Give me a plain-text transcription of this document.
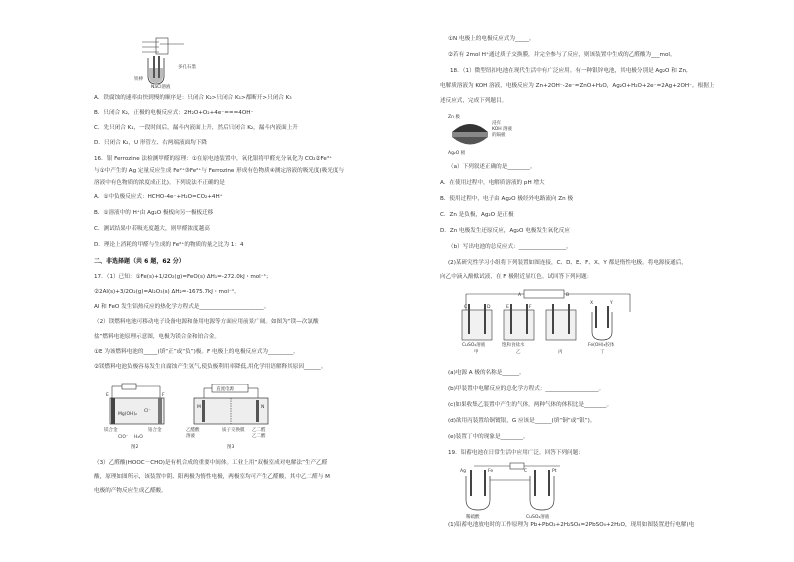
铁棒
多孔石墨
NaCl溶液
A．铁腐蚀的速率由快到慢的顺序是：只闭合 K₂>只闭合 K₁>都断开>只闭合 K₃
B．只闭合 K₂，正极的电极反应式：2H₂O+O₂+4e⁻===4OH⁻
C．先只闭合 K₁，一段时间后，漏斗内液面上升，然后只闭合 K₂，漏斗内液面上升
D．只闭合 K₂，U 形管左、右两端液面均下降
16．银 Ferrozine 法检测甲醛的原理：①在原电池装置中，氧化银将甲醛充分氧化为 CO₂②Fe³⁺
与①中产生的 Ag 定量反应生成 Fe²⁺③Fe²⁺与 Ferrozine 形成有色物质④测定溶液的吸光度(吸光度与
溶液中有色物质的浓度成正比)。下列说法不正确的是
A．①中负极反应式：HCHO-4e⁻+H₂O=CO₂+4H⁺
B．①溶液中的 H⁺由 Ag₂O 极板向另一极板迁移
C．测试结果中若吸光度越大，则甲醛浓度越高
D．理论上消耗的甲醛与生成的 Fe²⁺的物质的量之比为 1：4
二、非选择题（共 6 题，62 分）
17．（1）已知：①Fe(s)+1/2O₂(g)=FeO(s) ΔH₁=-272.0kJ・mol⁻¹；
②2Al(s)+3/2O₂(g)=Al₂O₃(s) ΔH₂=-1675.7kJ・mol⁻¹。
Al 和 FeO 发生铝热反应的热化学方程式是_______________________。
（2）镁燃料电池可移动电子设备电源和备用电源等方面应用前景广阔。如图为“镁—次氯酸
盐”燃料电池原理示意图，电极为镁合金和铂合金。
①E 为该燃料电池的_____(填“正”或“负”)极。F 电极上的电极反应式为_________。
②镁燃料电池负极容易发生自腐蚀产生氢气,使负极利用率降低,用化学用语解释其原因______。
E	F
Mg(OH)₂
Cl⁻
镁合金	铂合金
ClO⁻ H₂O
图2
直流电源
M	N
乙醛酸	乙二醛
溶液
质子交换膜
乙二酸
图3
（3）乙醛酸(HOOC－CHO)是有机合成的重要中间体。工业上用“双极室成对电解法”生产乙醛
酸，原理如图所示，该装置中阴、阳两极为惰性电极，两极室均可产生乙醛酸，其中乙二醛与 M
电极的产物反应生成乙醛酸。
①N 电极上的电极反应式为_____。
②若有 2mol H⁺通过质子交换膜，并完全参与了反应，则该装置中生成的乙醛酸为___mol。
18．（1）微型纽扣电池在现代生活中有广泛应用。有一种银锌电池，其电极分别是 Ag₂O 和 Zn,
电解质溶液为 KOH 溶液，电极反应为 Zn+2OH⁻-2e⁻=ZnO+H₂O，Ag₂O+H₂O+2e⁻=2Ag+2OH⁻。根据上
述反应式，完成下列题目。
Zn 极
浸有
KOH 溶液
的隔板
Ag₂O 极
（a）下列叙述正确的是________。
A．在使用过程中，电解质溶液的 pH 增大
B．使用过程中，电子由 Ag₂O 极经外电路流向 Zn 极
C．Zn 是负极，Ag₂O 是正极
D．Zn 电极发生还原反应，Ag₂O 电极发生氧化反应
（b）写出电池的总反应式：_________________。
(2)某研究性学习小组将下列装置如图连接，C、D、E、F、X、Y 都是惰性电极。将电源接通后，
向乙中滴入酚酞试液，在 F 极附近显红色。试回答下列问题：
A	B
C	D	E	F
X	Y
CuSO₄溶液	饱和食盐水	Fe(OH)₃胶体
甲	乙	丙	丁
(a)电源 A 极的名称是______。
(b)甲装置中电解反应的总化学方程式：___________________。
(c)如果收集乙装置中产生的气体，两种气体的体积比是________。
(d)欲用丙装置给铜镀银，G 应该是______(填“铜”或“银”)。
(e)装置丁中的现象是________。
19．铅蓄电池在日常生活中应用广泛。回答下列问题：
Ag	Fe	C	Pt
稀硫酸	CuSO₄溶液
(1)铅蓄电池放电时的工作原理为 Pb+PbO₂+2H₂SO₄=2PbSO₄+2H₂O，现用如图装置进行电解(电
